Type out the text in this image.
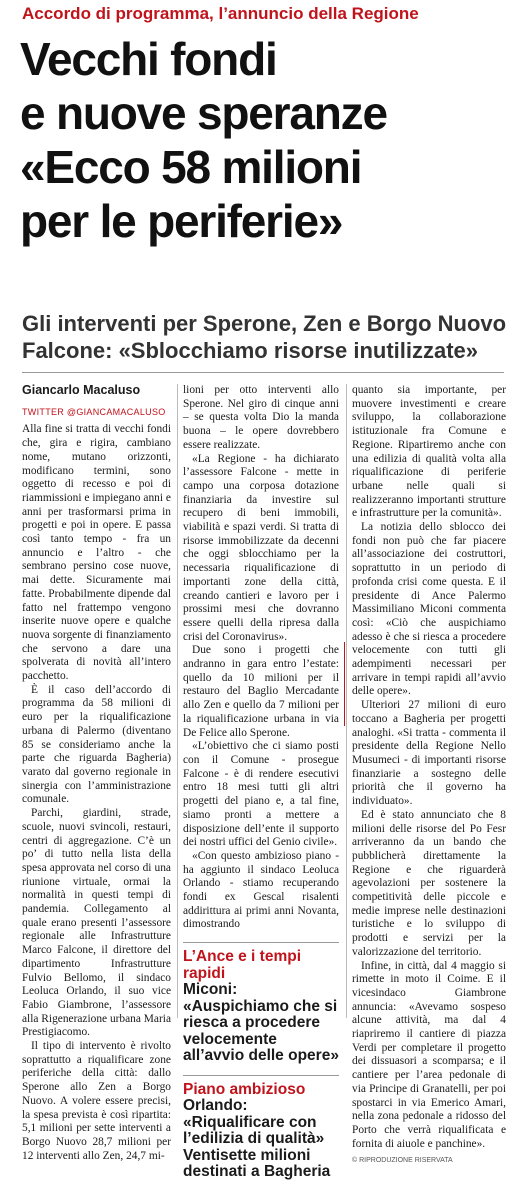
Accordo di programma, l’annuncio della Regione
Vecchi fondi
e nuove speranze
«Ecco 58 milioni
per le periferie»
Gli interventi per Sperone, Zen e Borgo Nuovo
Falcone: «Sblocchiamo risorse inutilizzate»

Giancarlo Macaluso

TWITTER @GIANCAMACALUSO

Alla fine si tratta di vecchi fondi che, gira e rigira, cambiano nome, mutano orizzonti, modificano termini, sono oggetto di recesso e poi di riammissioni e impiegano anni e anni per trasformarsi prima in progetti e poi in opere. E passa così tanto tempo - fra un annuncio e l’altro - che sembrano persino cose nuove, mai dette. Sicuramente mai fatte. Probabilmente dipende dal fatto nel frattempo vengono inserite nuove opere e qualche nuova sorgente di finanziamento che servono a dare una spolverata di novità all’intero pacchetto.

È il caso dell’accordo di programma da 58 milioni di euro per la riqualificazione urbana di Palermo (diventano 85 se consideriamo anche la parte che riguarda Bagheria) varato dal governo regionale in sinergia con l’amministrazione comunale.

Parchi, giardini, strade, scuole, nuovi svincoli, restauri, centri di aggregazione. C’è un po’ di tutto nella lista della spesa approvata nel corso di una riunione virtuale, ormai la normalità in questi tempi di pandemia. Collegamento al quale erano presenti l’assessore regionale alle Infrastrutture Marco Falcone, il direttore del dipartimento Infrastrutture Fulvio Bellomo, il sindaco Leoluca Orlando, il suo vice Fabio Giambrone, l’assessore alla Rigenerazione urbana Maria Prestigiacomo.

Il tipo di intervento è rivolto soprattutto a riqualificare zone periferiche della città: dallo Sperone allo Zen a Borgo Nuovo. A volere essere precisi, la spesa prevista è così ripartita: 5,1 milioni per sette interventi a Borgo Nuovo 28,7 milioni per 12 interventi allo Zen, 24,7 mi-

lioni per otto interventi allo Sperone. Nel giro di cinque anni – se questa volta Dio la manda buona – le opere dovrebbero essere realizzate.

«La Regione - ha dichiarato l’assessore Falcone - mette in campo una corposa dotazione finanziaria da investire sul recupero di beni immobili, viabilità e spazi verdi. Si tratta di risorse immobilizzate da decenni che oggi sblocchiamo per la necessaria riqualificazione di importanti zone della città, creando cantieri e lavoro per i prossimi mesi che dovranno essere quelli della ripresa dalla crisi del Coronavirus».

Due sono i progetti che andranno in gara entro l’estate: quello da 10 milioni per il restauro del Baglio Mercadante allo Zen e quello da 7 milioni per la riqualificazione urbana in via De Felice allo Sperone.

«L’obiettivo che ci siamo posti con il Comune - prosegue Falcone - è di rendere esecutivi entro 18 mesi tutti gli altri progetti del piano e, a tal fine, siamo pronti a mettere a disposizione dell’ente il supporto dei nostri uffici del Genio civile».

«Con questo ambizioso piano - ha aggiunto il sindaco Leoluca Orlando - stiamo recuperando fondi ex Gescal risalenti addirittura ai primi anni Novanta, dimostrando

L’Ance e i tempi rapidi
Miconi: «Auspichiamo che si riesca a procedere velocemente all’avvio delle opere»

Piano ambizioso
Orlando: «Riqualificare con l’edilizia di qualità» Ventisette milioni destinati a Bagheria

quanto sia importante, per muovere investimenti e creare sviluppo, la collaborazione istituzionale fra Comune e Regione. Ripartiremo anche con una edilizia di qualità volta alla riqualificazione di periferie urbane nelle quali si realizzeranno importanti strutture e infrastrutture per la comunità».

La notizia dello sblocco dei fondi non può che far piacere all’associazione dei costruttori, soprattutto in un periodo di profonda crisi come questa. E il presidente di Ance Palermo Massimiliano Miconi commenta così: «Ciò che auspichiamo adesso è che si riesca a procedere velocemente con tutti gli adempimenti necessari per arrivare in tempi rapidi all’avvio delle opere».

Ulteriori 27 milioni di euro toccano a Bagheria per progetti analoghi. «Si tratta - commenta il presidente della Regione Nello Musumeci - di importanti risorse finanziarie a sostegno delle priorità che il governo ha individuato».

Ed è stato annunciato che 8 milioni delle risorse del Po Fesr arriveranno da un bando che pubblicherà direttamente la Regione e che riguarderà agevolazioni per sostenere la competitività delle piccole e medie imprese nelle destinazioni turistiche e lo sviluppo di prodotti e servizi per la valorizzazione del territorio.

Infine, in città, dal 4 maggio si rimette in moto il Coime. E il vicesindaco Giambrone annuncia: «Avevamo sospeso alcune attività, ma dal 4 riapriremo il cantiere di piazza Verdi per completare il progetto dei dissuasori a scomparsa; e il cantiere per l’area pedonale di via Principe di Granatelli, per poi spostarci in via Emerico Amari, nella zona pedonale a ridosso del Porto che verrà riqualificata e fornita di aiuole e panchine».

© RIPRODUZIONE RISERVATA
